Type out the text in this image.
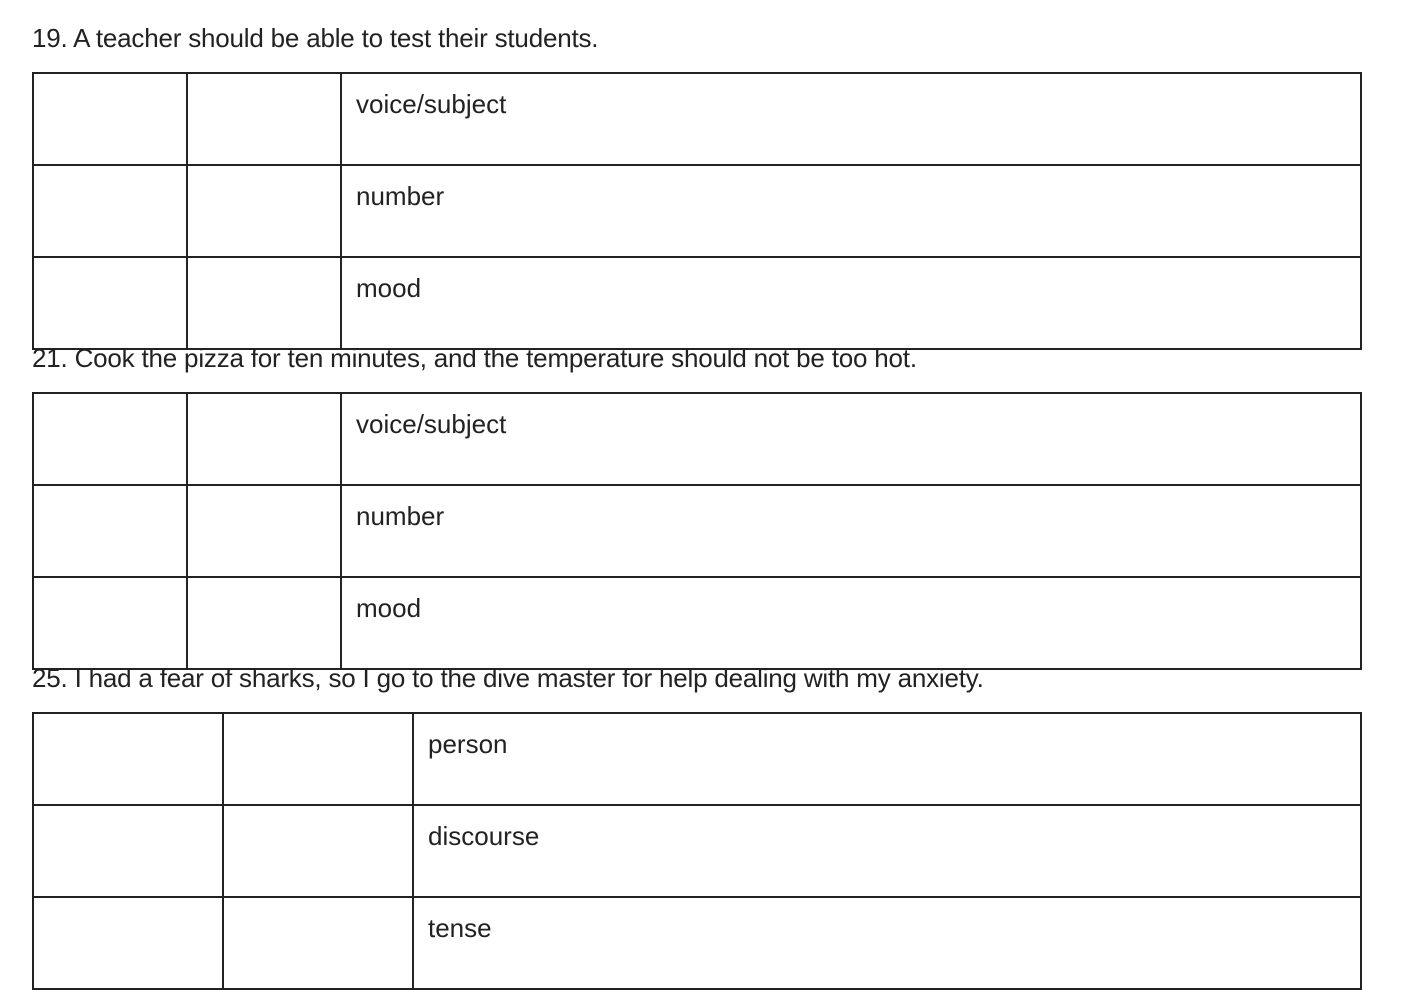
19. A teacher should be able to test their students.

		voice/subject
		number
		mood

21. Cook the pizza for ten minutes, and the temperature should not be too hot.

		voice/subject
		number
		mood

25. I had a fear of sharks, so I go to the dive master for help dealing with my anxiety.

		person
		discourse
		tense
